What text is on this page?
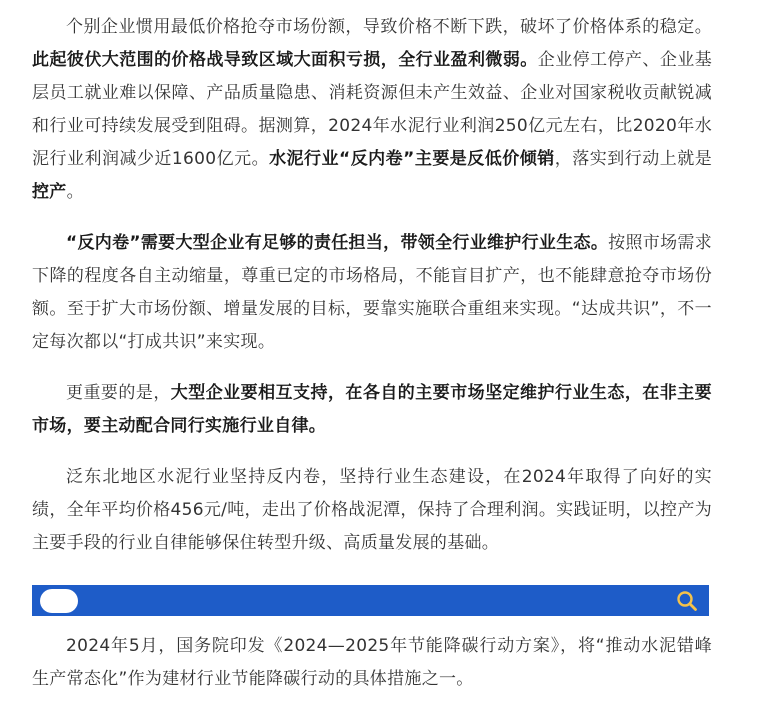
个别企业惯用最低价格抢夺市场份额，导致价格不断下跌，破坏了价格体系的稳定。此起彼伏大范围的价格战导致区域大面积亏损，全行业盈利微弱。企业停工停产、企业基层员工就业难以保障、产品质量隐患、消耗资源但未产生效益、企业对国家税收贡献锐减和行业可持续发展受到阻碍。据测算，2024年水泥行业利润250亿元左右，比2020年水泥行业利润减少近1600亿元。水泥行业“反内卷”主要是反低价倾销，落实到行动上就是控产。

“反内卷”需要大型企业有足够的责任担当，带领全行业维护行业生态。按照市场需求下降的程度各自主动缩量，尊重已定的市场格局，不能盲目扩产，也不能肆意抢夺市场份额。至于扩大市场份额、增量发展的目标，要靠实施联合重组来实现。“达成共识”，不一定每次都以“打成共识”来实现。

更重要的是，大型企业要相互支持，在各自的主要市场坚定维护行业生态，在非主要市场，要主动配合同行实施行业自律。

泛东北地区水泥行业坚持反内卷，坚持行业生态建设，在2024年取得了向好的实绩，全年平均价格456元/吨，走出了价格战泥潭，保持了合理利润。实践证明，以控产为主要手段的行业自律能够保住转型升级、高质量发展的基础。

2024年5月，国务院印发《2024—2025年节能降碳行动方案》，将“推动水泥错峰生产常态化”作为建材行业节能降碳行动的具体措施之一。
